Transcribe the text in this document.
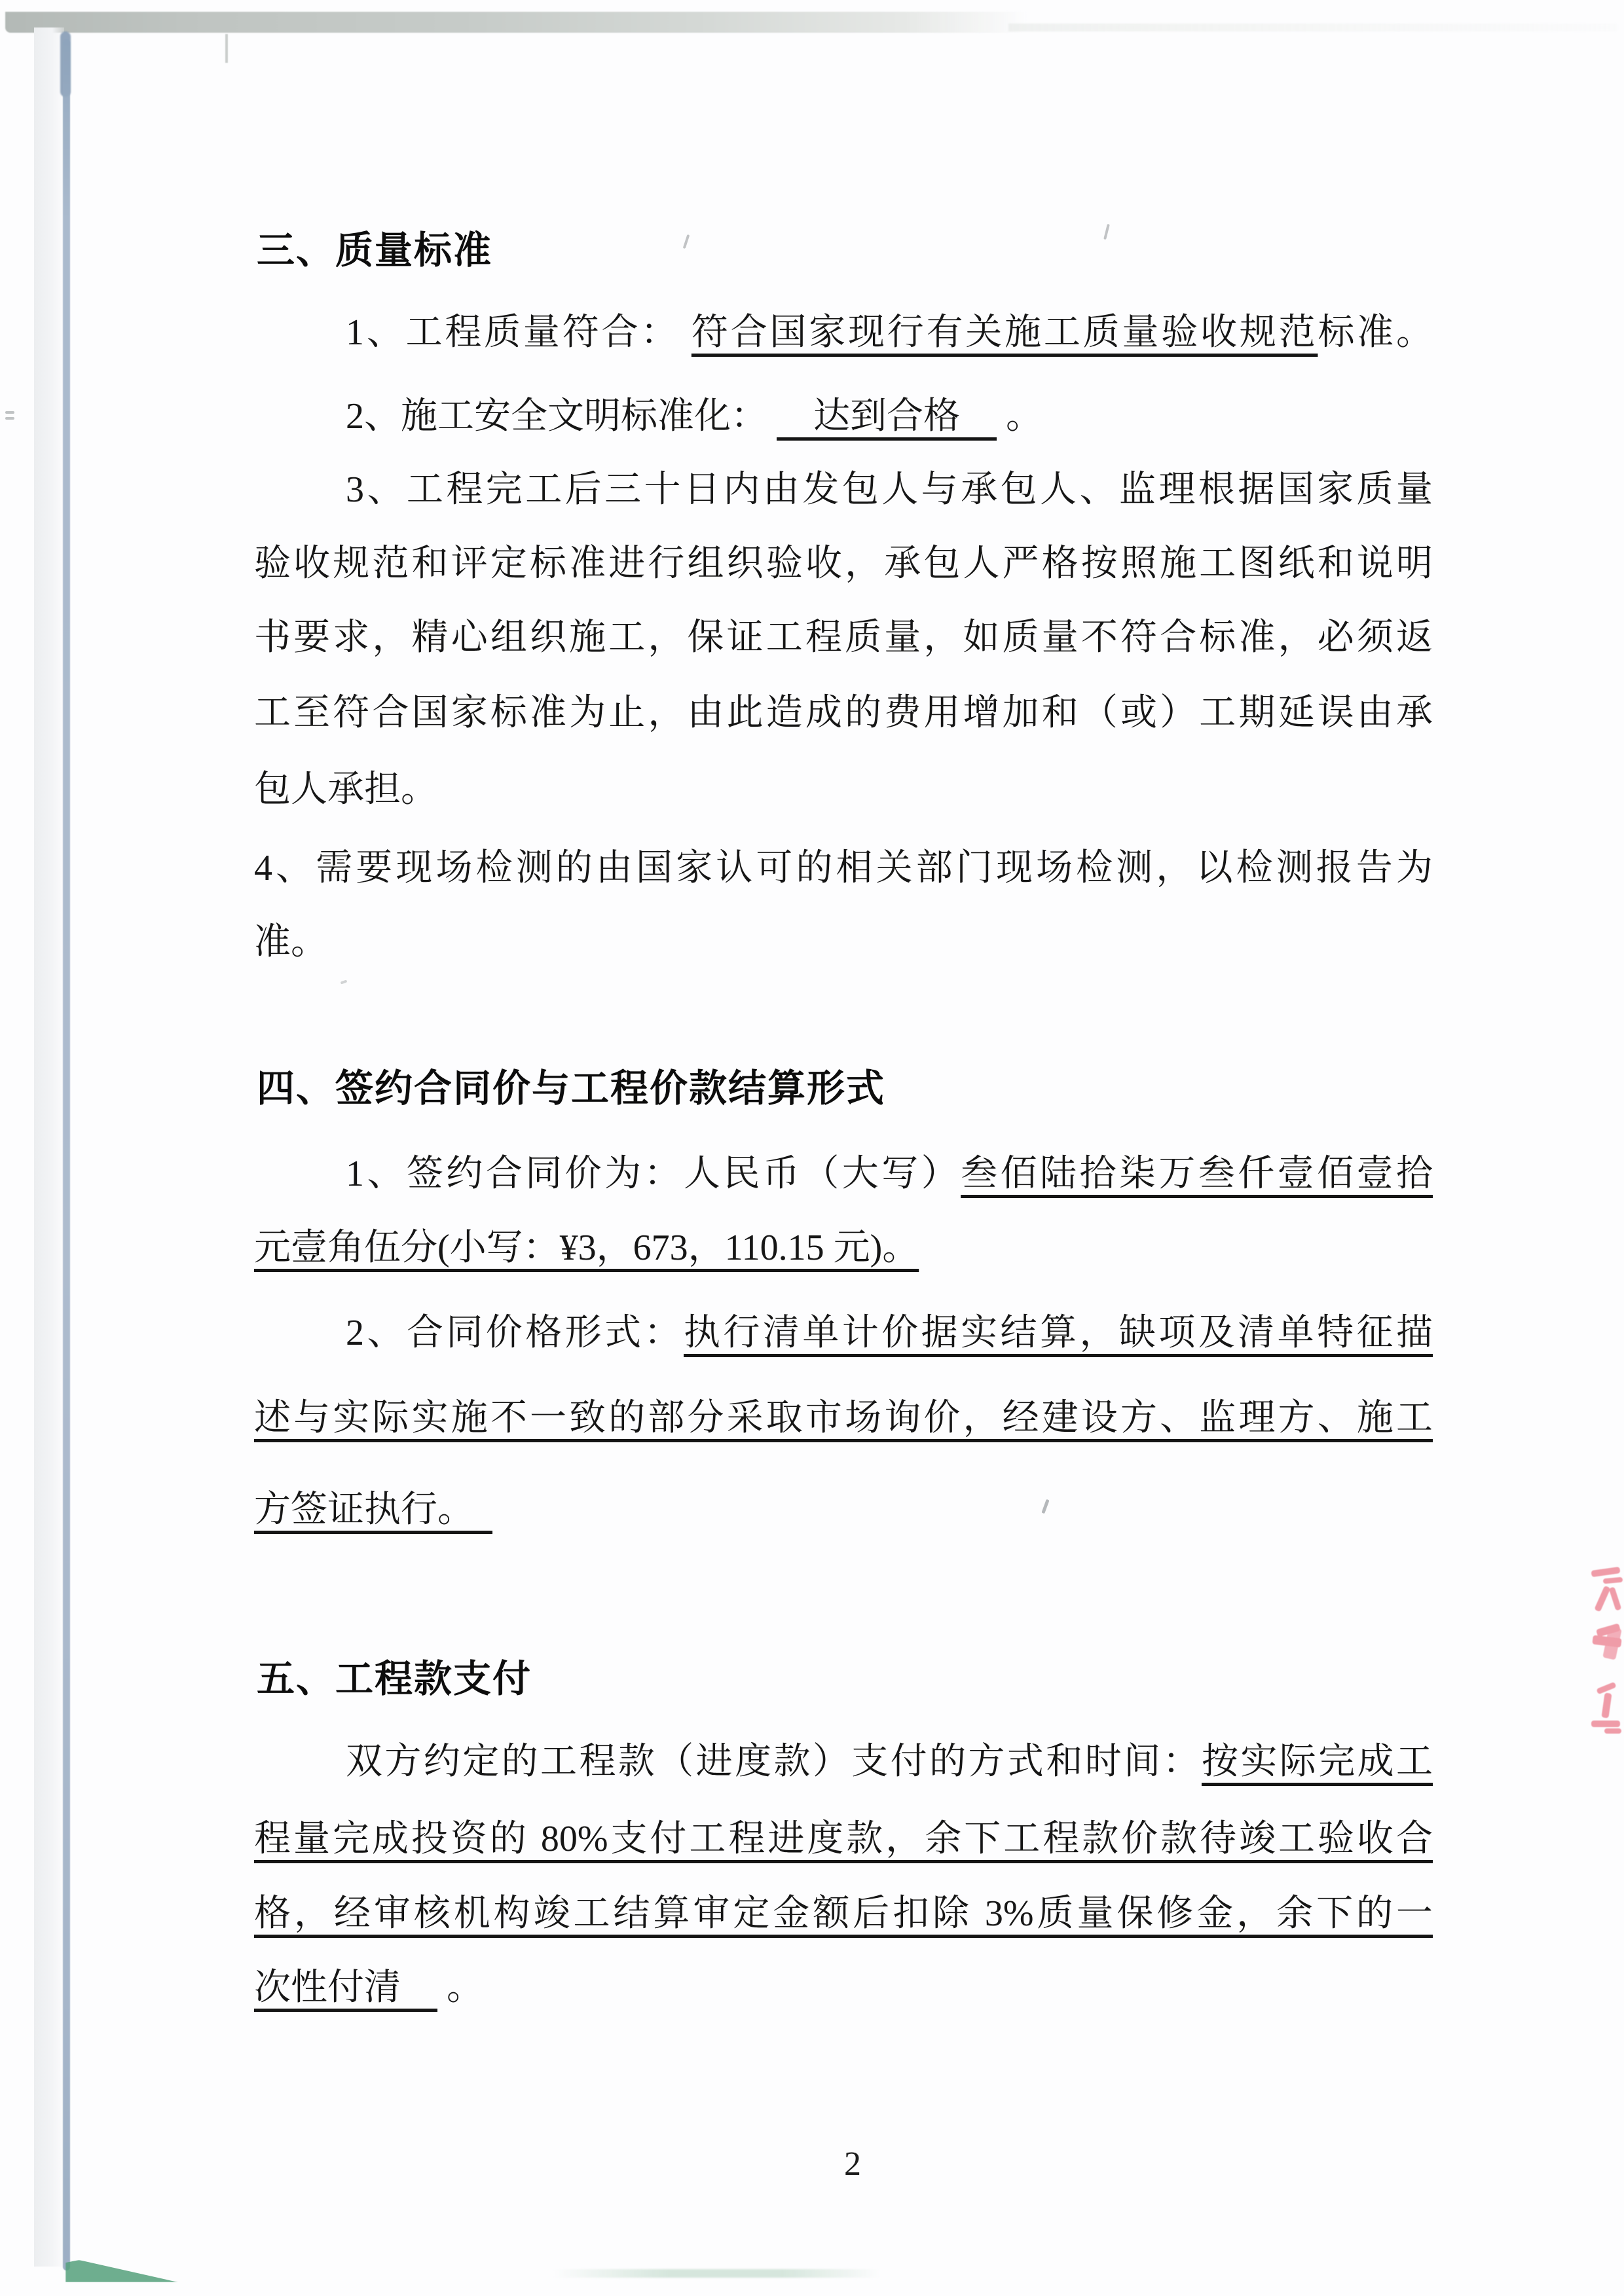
三、质量标准

1、工程质量符合： 符合国家现行有关施工质量验收规范标准。

2、施工安全文明标准化： 　达到合格　 。

3、工程完工后三十日内由发包人与承包人、监理根据国家质量

验收规范和评定标准进行组织验收，承包人严格按照施工图纸和说明

书要求，精心组织施工，保证工程质量，如质量不符合标准，必须返

工至符合国家标准为止，由此造成的费用增加和（或）工期延误由承

包人承担。

4、需要现场检测的由国家认可的相关部门现场检测，以检测报告为

准。

四、签约合同价与工程价款结算形式

1、签约合同价为：人民币（大写）叁佰陆拾柒万叁仟壹佰壹拾

元壹角伍分(小写：¥3，673，110.15 元)。

2、合同价格形式：执行清单计价据实结算，缺项及清单特征描

述与实际实施不一致的部分采取市场询价，经建设方、监理方、施工

方签证执行。　

五、工程款支付

双方约定的工程款（进度款）支付的方式和时间：按实际完成工

程量完成投资的 80%支付工程进度款，余下工程款价款待竣工验收合

格，经审核机构竣工结算审定金额后扣除 3%质量保修金，余下的一

次性付清　 。

2
